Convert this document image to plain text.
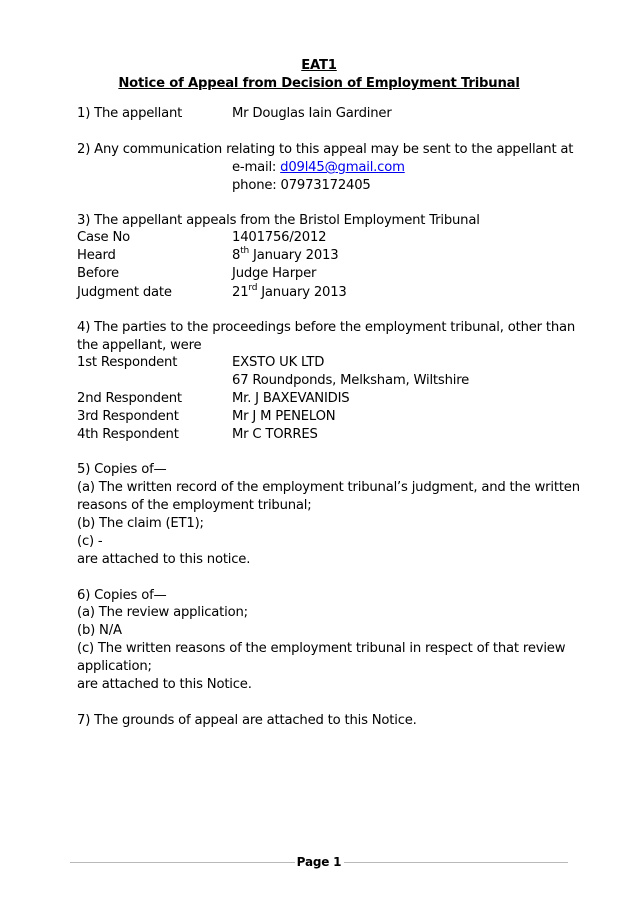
EAT1
Notice of Appeal from Decision of Employment Tribunal
1) The appellant	Mr Douglas Iain Gardiner
2) Any communication relating to this appeal may be sent to the appellant at
e-mail: d09l45@gmail.com
phone: 07973172405
3) The appellant appeals from the Bristol Employment Tribunal
Case No	1401756/2012
Heard	8th January 2013
Before	Judge Harper
Judgment date	21rd January 2013
4) The parties to the proceedings before the employment tribunal, other than
the appellant, were
1st Respondent	EXSTO UK LTD
67 Roundponds, Melksham, Wiltshire
2nd Respondent	Mr. J BAXEVANIDIS
3rd Respondent	Mr J M PENELON
4th Respondent	Mr C TORRES
5) Copies of—
(a) The written record of the employment tribunal’s judgment, and the written
reasons of the employment tribunal;
(b) The claim (ET1);
(c) -
are attached to this notice.
6) Copies of—
(a) The review application;
(b) N/A
(c) The written reasons of the employment tribunal in respect of that review
application;
are attached to this Notice.
7) The grounds of appeal are attached to this Notice.
Page 1
